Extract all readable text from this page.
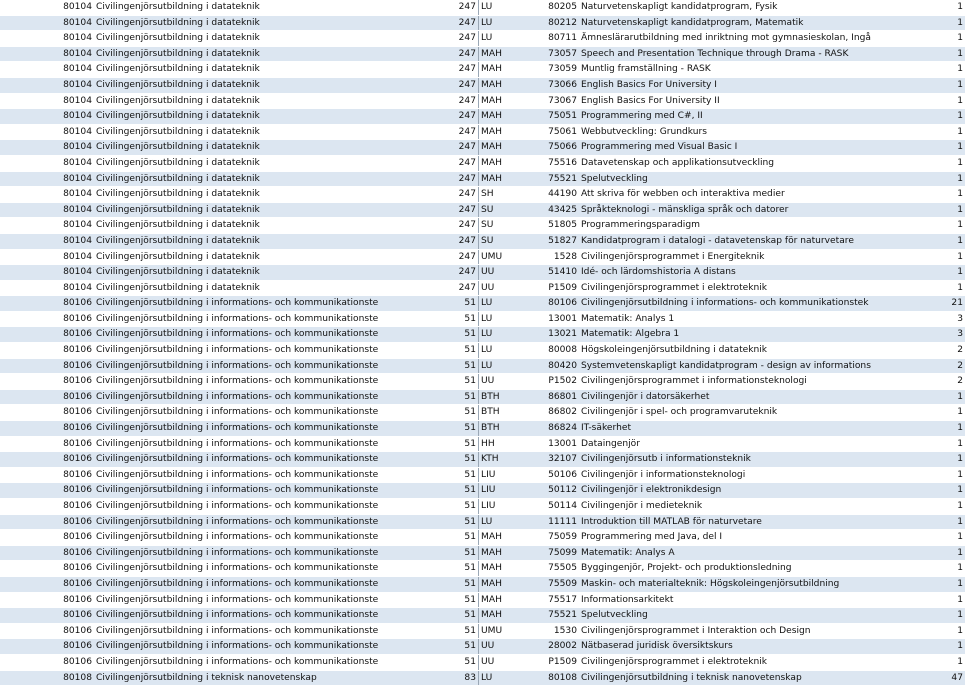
80104	Civilingenjörsutbildning i datateknik	247	LU	80205	Naturvetenskapligt kandidatprogram, Fysik	1
80104	Civilingenjörsutbildning i datateknik	247	LU	80212	Naturvetenskapligt kandidatprogram, Matematik	1
80104	Civilingenjörsutbildning i datateknik	247	LU	80711	Ämneslärarutbildning med inriktning mot gymnasieskolan, Ingå	1
80104	Civilingenjörsutbildning i datateknik	247	MAH	73057	Speech and Presentation Technique through Drama - RASK	1
80104	Civilingenjörsutbildning i datateknik	247	MAH	73059	Muntlig framställning - RASK	1
80104	Civilingenjörsutbildning i datateknik	247	MAH	73066	English Basics For University I	1
80104	Civilingenjörsutbildning i datateknik	247	MAH	73067	English Basics For University II	1
80104	Civilingenjörsutbildning i datateknik	247	MAH	75051	Programmering med C#, II	1
80104	Civilingenjörsutbildning i datateknik	247	MAH	75061	Webbutveckling: Grundkurs	1
80104	Civilingenjörsutbildning i datateknik	247	MAH	75066	Programmering med Visual Basic I	1
80104	Civilingenjörsutbildning i datateknik	247	MAH	75516	Datavetenskap och applikationsutveckling	1
80104	Civilingenjörsutbildning i datateknik	247	MAH	75521	Spelutveckling	1
80104	Civilingenjörsutbildning i datateknik	247	SH	44190	Att skriva för webben och interaktiva medier	1
80104	Civilingenjörsutbildning i datateknik	247	SU	43425	Språkteknologi - mänskliga språk och datorer	1
80104	Civilingenjörsutbildning i datateknik	247	SU	51805	Programmeringsparadigm	1
80104	Civilingenjörsutbildning i datateknik	247	SU	51827	Kandidatprogram i datalogi - datavetenskap för naturvetare	1
80104	Civilingenjörsutbildning i datateknik	247	UMU	1528	Civilingenjörsprogrammet i Energiteknik	1
80104	Civilingenjörsutbildning i datateknik	247	UU	51410	Idé- och lärdomshistoria A distans	1
80104	Civilingenjörsutbildning i datateknik	247	UU	P1509	Civilingenjörsprogrammet i elektroteknik	1
80106	Civilingenjörsutbildning i informations- och kommunikationste	51	LU	80106	Civilingenjörsutbildning i informations- och kommunikationstek	21
80106	Civilingenjörsutbildning i informations- och kommunikationste	51	LU	13001	Matematik: Analys 1	3
80106	Civilingenjörsutbildning i informations- och kommunikationste	51	LU	13021	Matematik: Algebra 1	3
80106	Civilingenjörsutbildning i informations- och kommunikationste	51	LU	80008	Högskoleingenjörsutbildning i datateknik	2
80106	Civilingenjörsutbildning i informations- och kommunikationste	51	LU	80420	Systemvetenskapligt kandidatprogram - design av informations	2
80106	Civilingenjörsutbildning i informations- och kommunikationste	51	UU	P1502	Civilingenjörsprogrammet i informationsteknologi	2
80106	Civilingenjörsutbildning i informations- och kommunikationste	51	BTH	86801	Civilingenjör i datorsäkerhet	1
80106	Civilingenjörsutbildning i informations- och kommunikationste	51	BTH	86802	Civilingenjör i spel- och programvaruteknik	1
80106	Civilingenjörsutbildning i informations- och kommunikationste	51	BTH	86824	IT-säkerhet	1
80106	Civilingenjörsutbildning i informations- och kommunikationste	51	HH	13001	Dataingenjör	1
80106	Civilingenjörsutbildning i informations- och kommunikationste	51	KTH	32107	Civilingenjörsutb i informationsteknik	1
80106	Civilingenjörsutbildning i informations- och kommunikationste	51	LIU	50106	Civilingenjör i informationsteknologi	1
80106	Civilingenjörsutbildning i informations- och kommunikationste	51	LIU	50112	Civilingenjör i elektronikdesign	1
80106	Civilingenjörsutbildning i informations- och kommunikationste	51	LIU	50114	Civilingenjör i medieteknik	1
80106	Civilingenjörsutbildning i informations- och kommunikationste	51	LU	11111	Introduktion till MATLAB för naturvetare	1
80106	Civilingenjörsutbildning i informations- och kommunikationste	51	MAH	75059	Programmering med Java, del I	1
80106	Civilingenjörsutbildning i informations- och kommunikationste	51	MAH	75099	Matematik: Analys A	1
80106	Civilingenjörsutbildning i informations- och kommunikationste	51	MAH	75505	Byggingenjör, Projekt- och produktionsledning	1
80106	Civilingenjörsutbildning i informations- och kommunikationste	51	MAH	75509	Maskin- och materialteknik: Högskoleingenjörsutbildning	1
80106	Civilingenjörsutbildning i informations- och kommunikationste	51	MAH	75517	Informationsarkitekt	1
80106	Civilingenjörsutbildning i informations- och kommunikationste	51	MAH	75521	Spelutveckling	1
80106	Civilingenjörsutbildning i informations- och kommunikationste	51	UMU	1530	Civilingenjörsprogrammet i Interaktion och Design	1
80106	Civilingenjörsutbildning i informations- och kommunikationste	51	UU	28002	Nätbaserad juridisk översiktskurs	1
80106	Civilingenjörsutbildning i informations- och kommunikationste	51	UU	P1509	Civilingenjörsprogrammet i elektroteknik	1
80108	Civilingenjörsutbildning i teknisk nanovetenskap	83	LU	80108	Civilingenjörsutbildning i teknisk nanovetenskap	47
